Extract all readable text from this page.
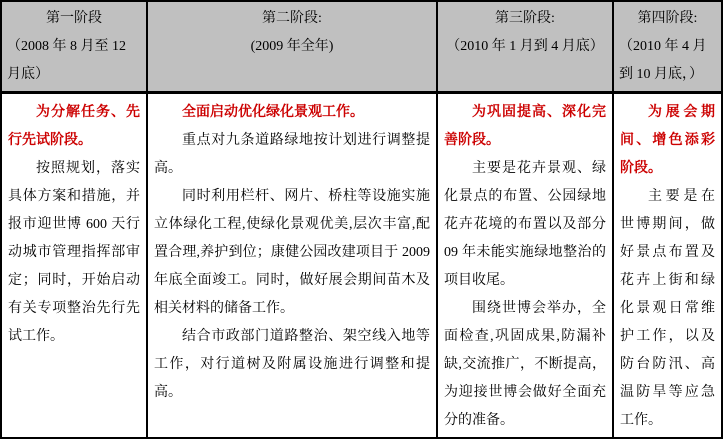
第一阶段

（2008 年 8 月至 12 月底）

为分解任务、先行先试阶段。

按照规划，落实具体方案和措施，并报市迎世博 600 天行动城市管理指挥部审定；同时，开始启动有关专项整治先行先试工作。

第二阶段:

(2009 年全年)

全面启动优化绿化景观工作。

重点对九条道路绿地按计划进行调整提高。

同时利用栏杆、网片、桥柱等设施实施立体绿化工程,使绿化景观优美,层次丰富,配置合理,养护到位；康健公园改建项目于 2009 年底全面竣工。同时，做好展会期间苗木及相关材料的储备工作。

结合市政部门道路整治、架空线入地等工作，对行道树及附属设施进行调整和提高。

第三阶段:

（2010 年 1 月到 4 月底）

为巩固提高、深化完善阶段。

主要是花卉景观、绿化景点的布置、公园绿地花卉花境的布置以及部分 09 年未能实施绿地整治的项目收尾。

围绕世博会举办，全面检查,巩固成果,防漏补缺,交流推广，不断提高，为迎接世博会做好全面充分的准备。

第四阶段:

（2010 年 4 月到 10 月底，）

为展会期间、增色添彩阶段。

主要是在世博期间，做好景点布置及花卉上街和绿化景观日常维护工作，以及防台防汛、高温防旱等应急工作。
